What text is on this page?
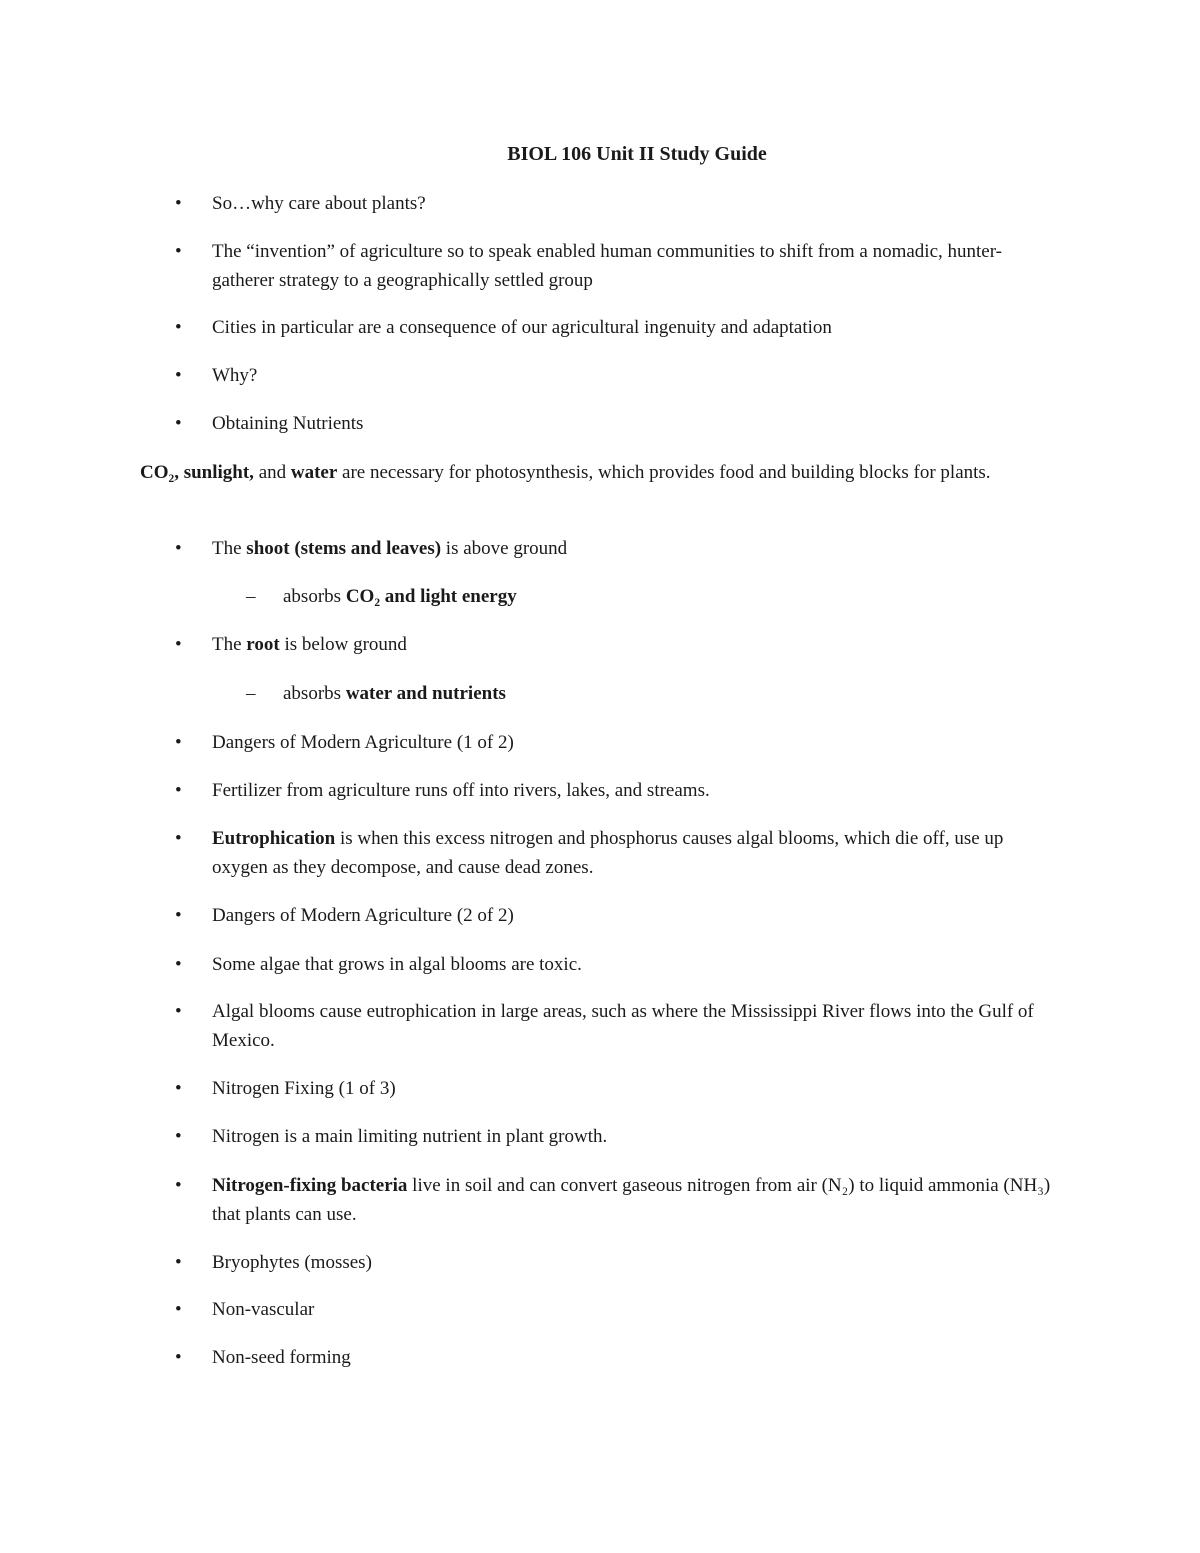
BIOL 106 Unit II Study Guide
•	So…why care about plants?
•	The “invention” of agriculture so to speak enabled human communities to shift from a nomadic, hunter-gatherer strategy to a geographically settled group
•	Cities in particular are a consequence of our agricultural ingenuity and adaptation
•	Why?
•	Obtaining Nutrients
CO₂, sunlight, and water are necessary for photosynthesis, which provides food and building blocks for plants.
•	The shoot (stems and leaves) is above ground
–	absorbs CO₂ and light energy
•	The root is below ground
–	absorbs water and nutrients
•	Dangers of Modern Agriculture (1 of 2)
•	Fertilizer from agriculture runs off into rivers, lakes, and streams.
•	Eutrophication is when this excess nitrogen and phosphorus causes algal blooms, which die off, use up oxygen as they decompose, and cause dead zones.
•	Dangers of Modern Agriculture (2 of 2)
•	Some algae that grows in algal blooms are toxic.
•	Algal blooms cause eutrophication in large areas, such as where the Mississippi River flows into the Gulf of Mexico.
•	Nitrogen Fixing (1 of 3)
•	Nitrogen is a main limiting nutrient in plant growth.
•	Nitrogen-fixing bacteria live in soil and can convert gaseous nitrogen from air (N₂) to liquid ammonia (NH₃) that plants can use.
•	Bryophytes (mosses)
•	Non-vascular
•	Non-seed forming
